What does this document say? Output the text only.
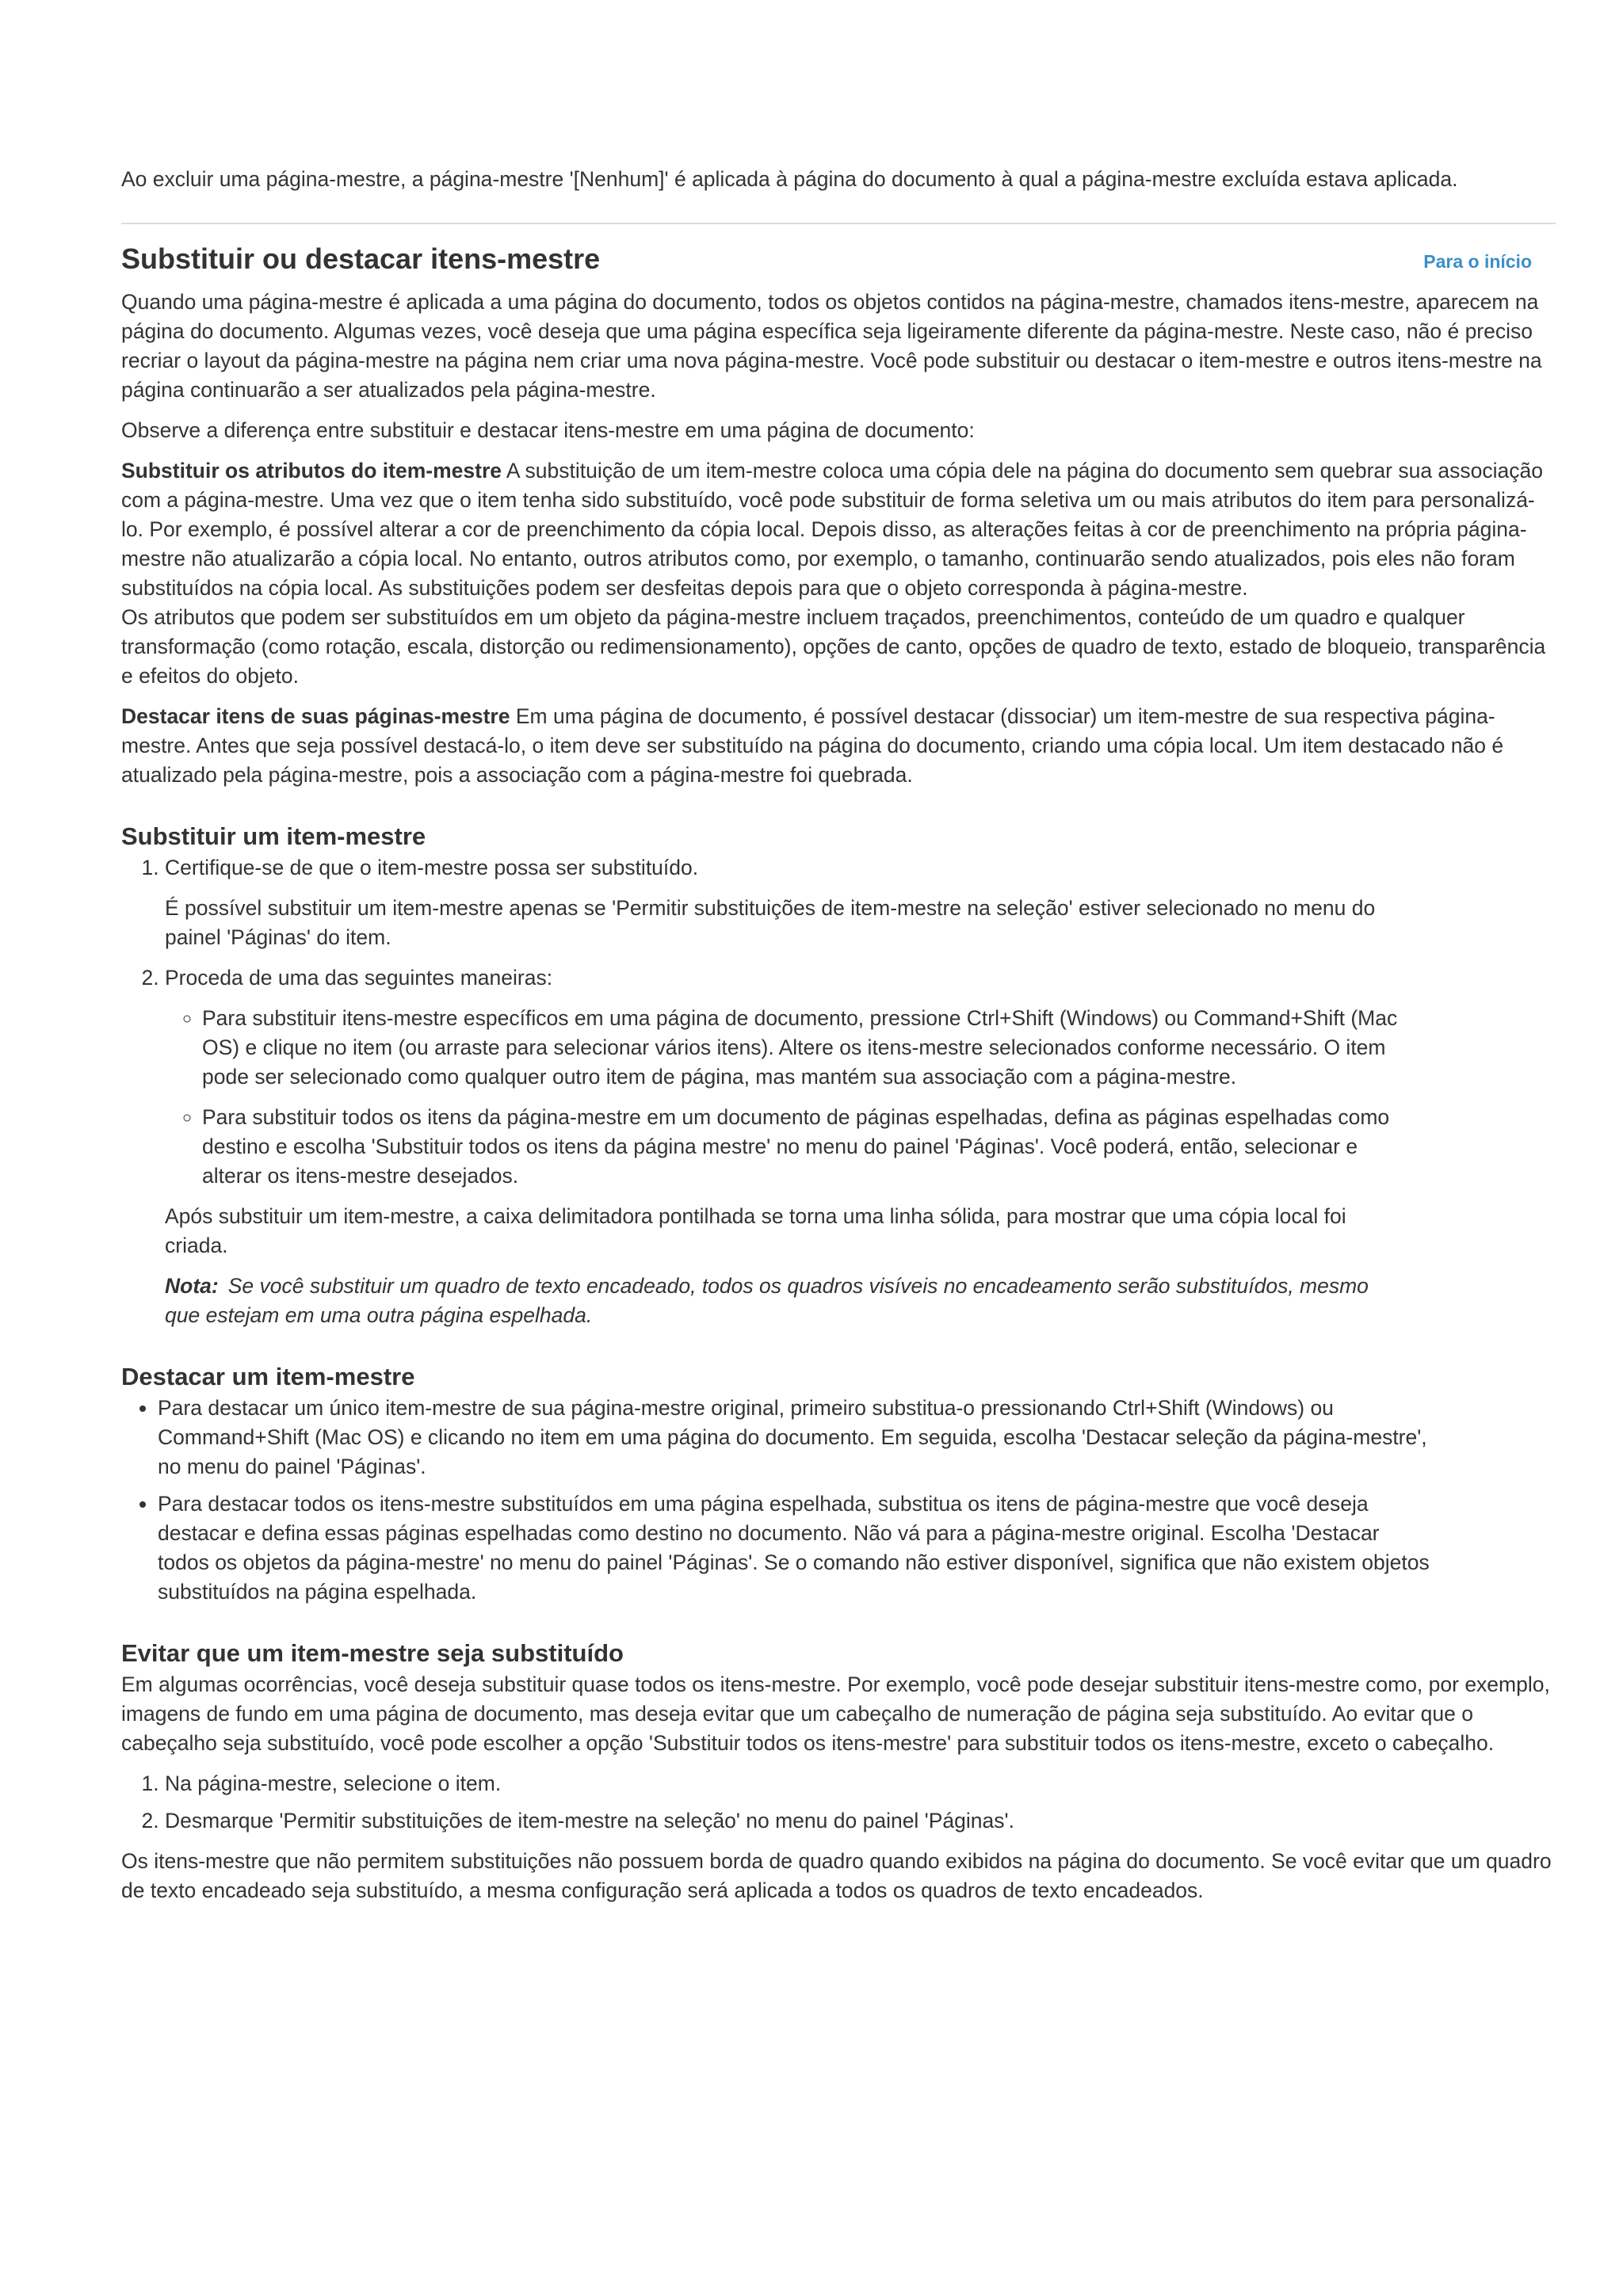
Ao excluir uma página-mestre, a página-mestre '[Nenhum]' é aplicada à página do documento à qual a página-mestre excluída estava aplicada.

Para o início
Substituir ou destacar itens-mestre

Quando uma página-mestre é aplicada a uma página do documento, todos os objetos contidos na página-mestre, chamados itens-mestre, aparecem na página do documento. Algumas vezes, você deseja que uma página específica seja ligeiramente diferente da página-mestre. Neste caso, não é preciso recriar o layout da página-mestre na página nem criar uma nova página-mestre. Você pode substituir ou destacar o item-mestre e outros itens-mestre na página continuarão a ser atualizados pela página-mestre.

Observe a diferença entre substituir e destacar itens-mestre em uma página de documento:

Substituir os atributos do item-mestre A substituição de um item-mestre coloca uma cópia dele na página do documento sem quebrar sua associação com a página-mestre. Uma vez que o item tenha sido substituído, você pode substituir de forma seletiva um ou mais atributos do item para personalizá-lo. Por exemplo, é possível alterar a cor de preenchimento da cópia local. Depois disso, as alterações feitas à cor de preenchimento na própria página-mestre não atualizarão a cópia local. No entanto, outros atributos como, por exemplo, o tamanho, continuarão sendo atualizados, pois eles não foram substituídos na cópia local. As substituições podem ser desfeitas depois para que o objeto corresponda à página-mestre.

Os atributos que podem ser substituídos em um objeto da página-mestre incluem traçados, preenchimentos, conteúdo de um quadro e qualquer transformação (como rotação, escala, distorção ou redimensionamento), opções de canto, opções de quadro de texto, estado de bloqueio, transparência e efeitos do objeto.

Destacar itens de suas páginas-mestre Em uma página de documento, é possível destacar (dissociar) um item-mestre de sua respectiva página-mestre. Antes que seja possível destacá-lo, o item deve ser substituído na página do documento, criando uma cópia local. Um item destacado não é atualizado pela página-mestre, pois a associação com a página-mestre foi quebrada.

Substituir um item-mestre
1. Certifique-se de que o item-mestre possa ser substituído.

É possível substituir um item-mestre apenas se 'Permitir substituições de item-mestre na seleção' estiver selecionado no menu do painel 'Páginas' do item.

2. Proceda de uma das seguintes maneiras:
◦ Para substituir itens-mestre específicos em uma página de documento, pressione Ctrl+Shift (Windows) ou Command+Shift (Mac OS) e clique no item (ou arraste para selecionar vários itens). Altere os itens-mestre selecionados conforme necessário. O item pode ser selecionado como qualquer outro item de página, mas mantém sua associação com a página-mestre.
◦ Para substituir todos os itens da página-mestre em um documento de páginas espelhadas, defina as páginas espelhadas como destino e escolha 'Substituir todos os itens da página mestre' no menu do painel 'Páginas'. Você poderá, então, selecionar e alterar os itens-mestre desejados.

Após substituir um item-mestre, a caixa delimitadora pontilhada se torna uma linha sólida, para mostrar que uma cópia local foi criada.

Nota: Se você substituir um quadro de texto encadeado, todos os quadros visíveis no encadeamento serão substituídos, mesmo que estejam em uma outra página espelhada.

Destacar um item-mestre
• Para destacar um único item-mestre de sua página-mestre original, primeiro substitua-o pressionando Ctrl+Shift (Windows) ou Command+Shift (Mac OS) e clicando no item em uma página do documento. Em seguida, escolha 'Destacar seleção da página-mestre', no menu do painel 'Páginas'.
• Para destacar todos os itens-mestre substituídos em uma página espelhada, substitua os itens de página-mestre que você deseja destacar e defina essas páginas espelhadas como destino no documento. Não vá para a página-mestre original. Escolha 'Destacar todos os objetos da página-mestre' no menu do painel 'Páginas'. Se o comando não estiver disponível, significa que não existem objetos substituídos na página espelhada.
Evitar que um item-mestre seja substituído

Em algumas ocorrências, você deseja substituir quase todos os itens-mestre. Por exemplo, você pode desejar substituir itens-mestre como, por exemplo, imagens de fundo em uma página de documento, mas deseja evitar que um cabeçalho de numeração de página seja substituído. Ao evitar que o cabeçalho seja substituído, você pode escolher a opção 'Substituir todos os itens-mestre' para substituir todos os itens-mestre, exceto o cabeçalho.

1. Na página-mestre, selecione o item.
2. Desmarque 'Permitir substituições de item-mestre na seleção' no menu do painel 'Páginas'.

Os itens-mestre que não permitem substituições não possuem borda de quadro quando exibidos na página do documento. Se você evitar que um quadro de texto encadeado seja substituído, a mesma configuração será aplicada a todos os quadros de texto encadeados.
